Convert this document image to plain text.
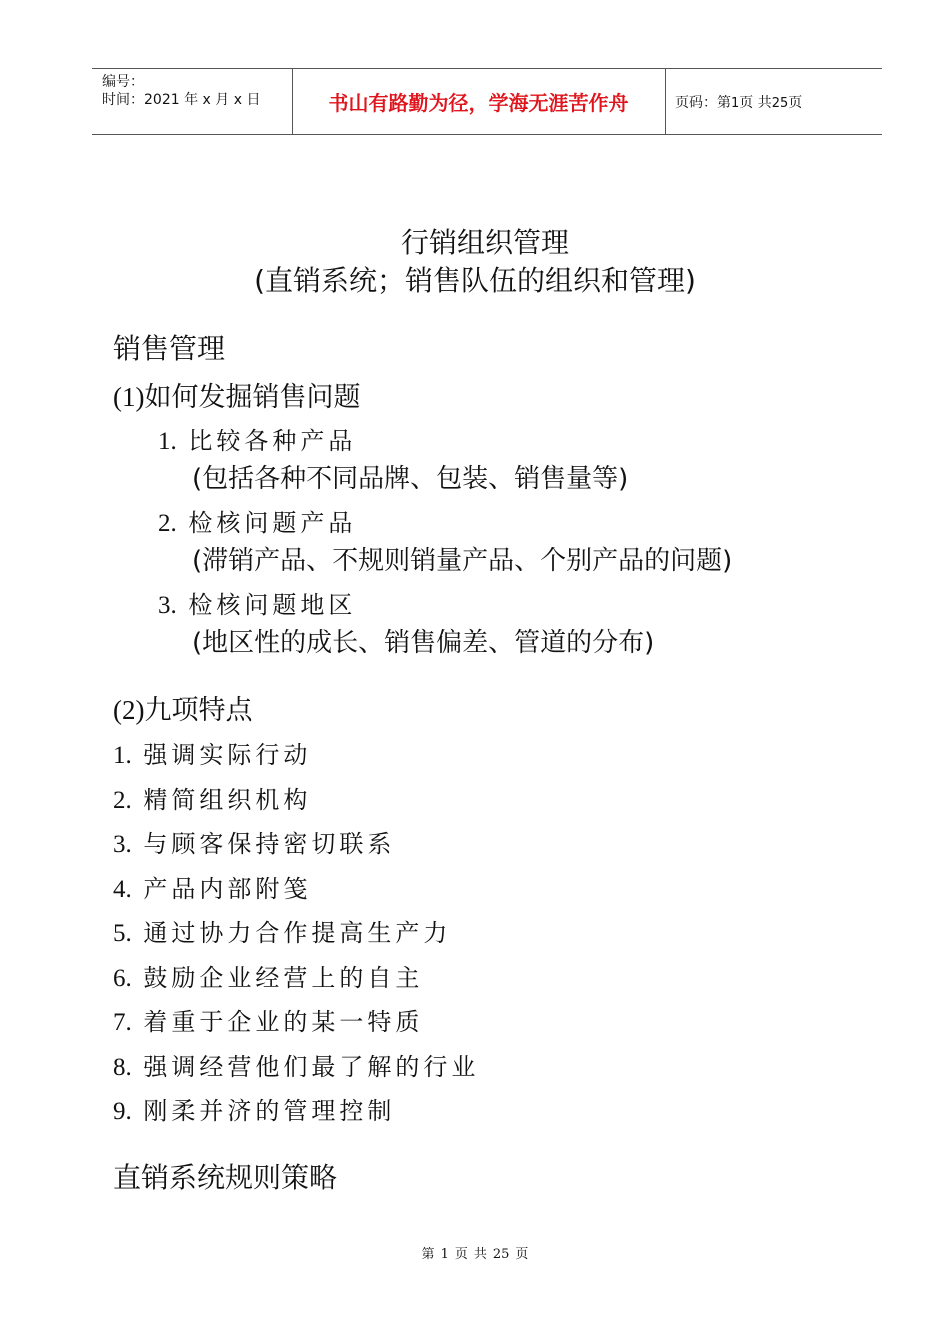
编号：
时间：2021 年 x 月 x 日	书山有路勤为径，学海无涯苦作舟	页码：第1页 共25页
行销组织管理
(直销系统；销售队伍的组织和管理)
销售管理
(1)如何发掘销售问题
1. 比较各种产品
(包括各种不同品牌、包装、销售量等)
2. 检核问题产品
(滞销产品、不规则销量产品、个别产品的问题)
3. 检核问题地区
(地区性的成长、销售偏差、管道的分布)
(2)九项特点
1. 强调实际行动
2. 精简组织机构
3. 与顾客保持密切联系
4. 产品内部附笺
5. 通过协力合作提高生产力
6. 鼓励企业经营上的自主
7. 着重于企业的某一特质
8. 强调经营他们最了解的行业
9. 刚柔并济的管理控制
直销系统规则策略
第 1 页 共 25 页
